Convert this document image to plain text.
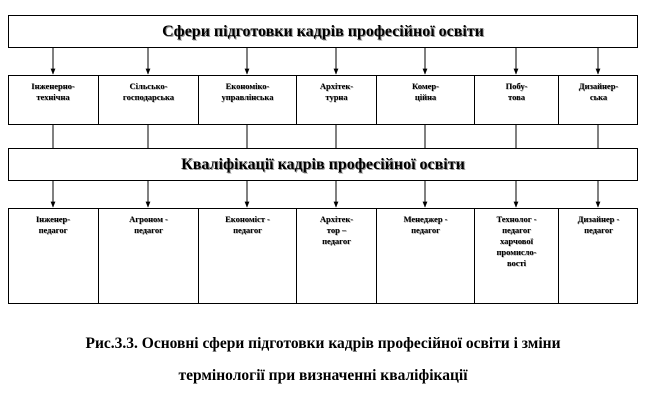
Сфери підготовки кадрів професійної освіти
Кваліфікації кадрів професійної освіти
Інженерно-
технічна
Сільсько-
господарська
Економіко-
управлінська
Архітек-
турна
Комер-
ційна
Побу-
това
Дизайнер-
ська
Інженер-
педагог
Агроном -
педагог
Економіст -
педагог
Архітек-
тор –
педагог
Менеджер -
педагог
Технолог -
педагог
харчової
промисло-
вості
Дизайнер -
педагог
Рис.3.3. Основні сфери підготовки кадрів професійної освіти і зміни
термінології при визначенні кваліфікації
